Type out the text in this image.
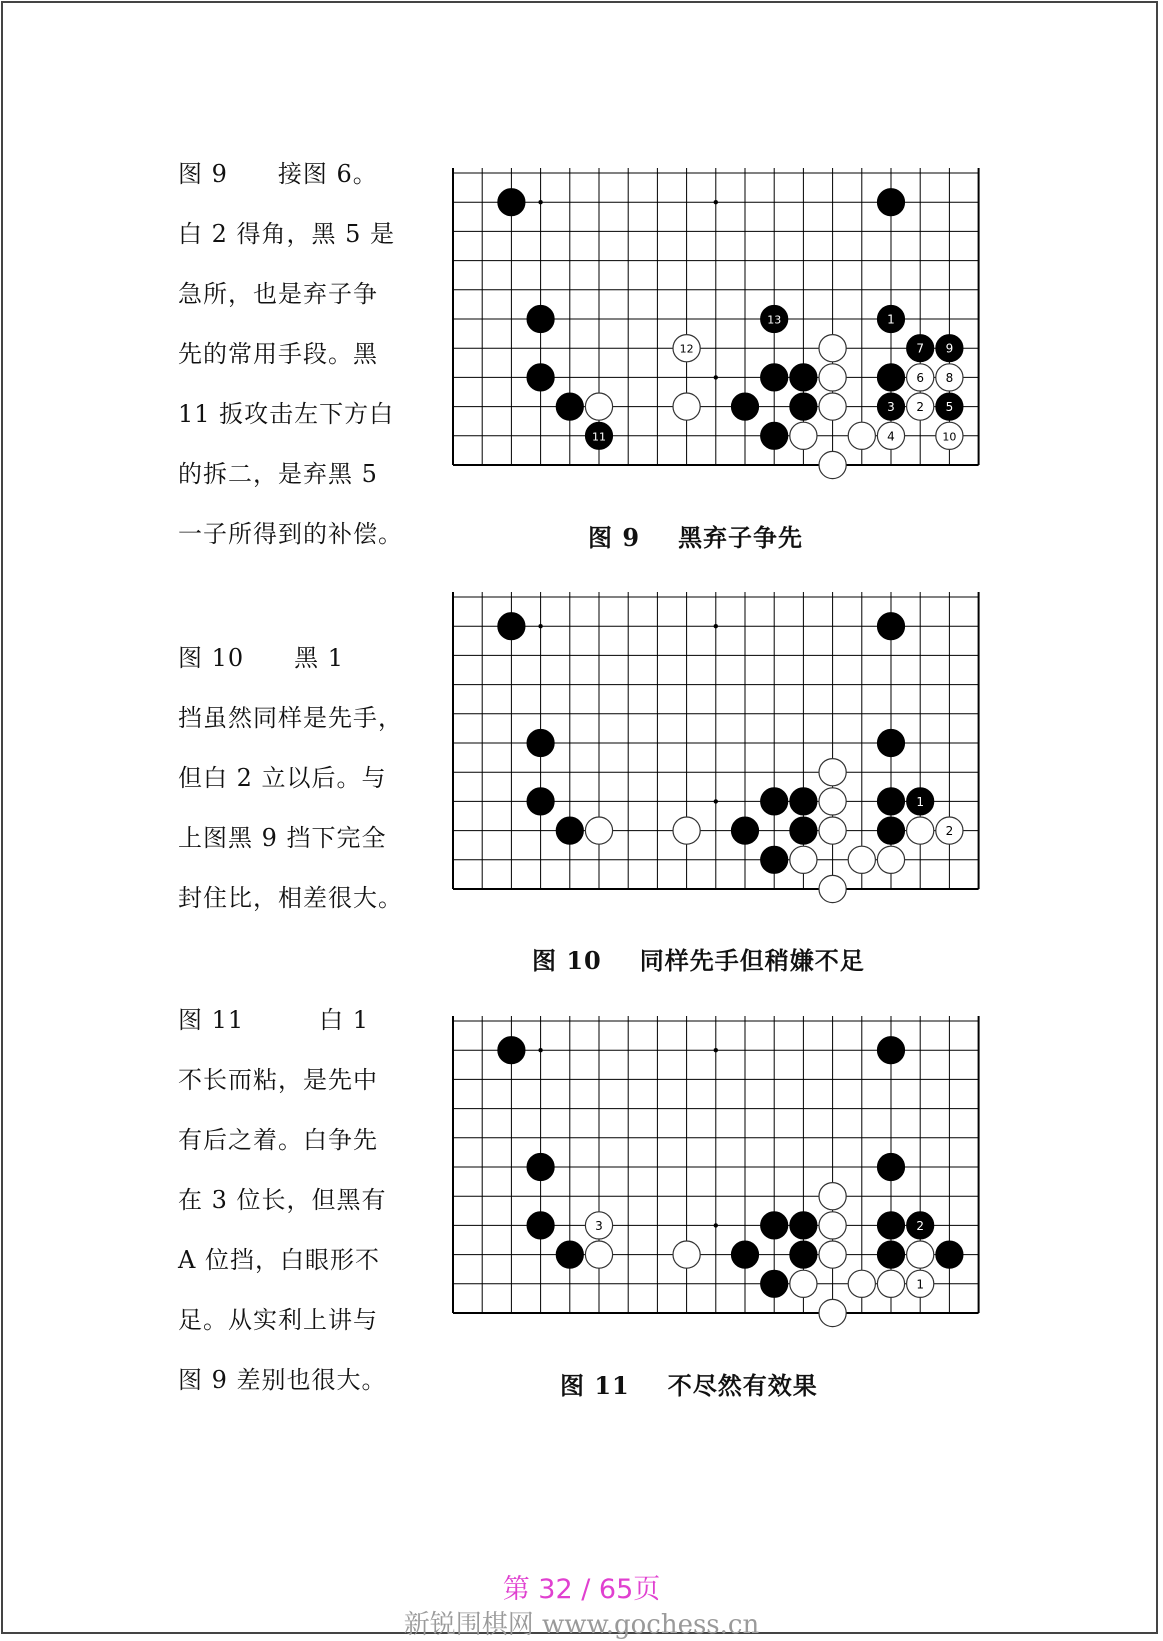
图 9　　接图 6。
白 2 得角，黑 5 是
急所，也是弃子争
先的常用手段。黑
11 扳攻击左下方白
的拆二，是弃黑 5
一子所得到的补偿。
1
13
12	7 9
6 8
3 2 5
11	4	10
图 9 黑弃子争先
图 10　　黑 1
挡虽然同样是先手，
但白 2 立以后。与
上图黑 9 挡下完全
封住比，相差很大。
1
2
图 10 同样先手但稍嫌不足
图 11　　　白 1
不长而粘，是先中
有后之着。白争先
在 3 位长，但黑有
A 位挡，白眼形不
足。从实利上讲与
图 9 差别也很大。
3	2
1
图 11 不尽然有效果
第 32 / 65页
新锐围棋网 www.gochess.cn
